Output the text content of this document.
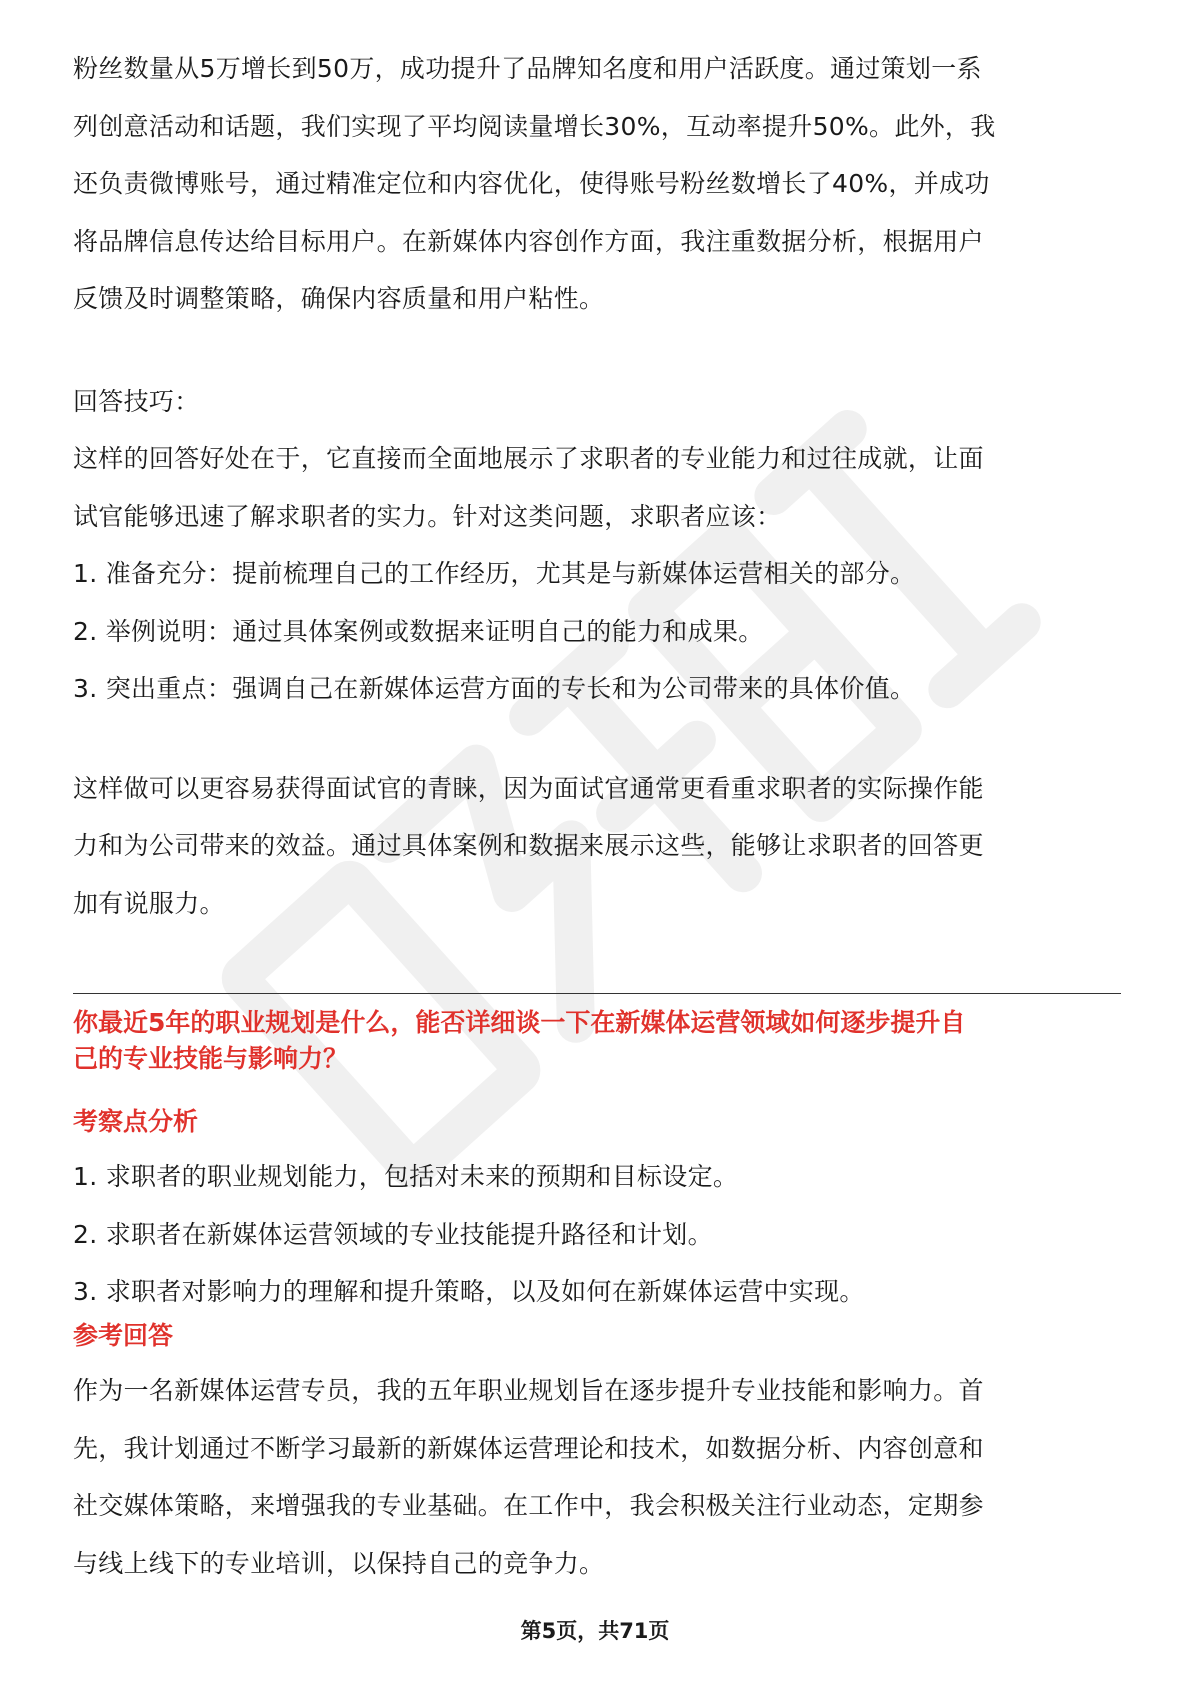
粉丝数量从5万增长到50万，成功提升了品牌知名度和用户活跃度。通过策划一系

列创意活动和话题，我们实现了平均阅读量增长30%，互动率提升50%。此外，我

还负责微博账号，通过精准定位和内容优化，使得账号粉丝数增长了40%，并成功

将品牌信息传达给目标用户。在新媒体内容创作方面，我注重数据分析，根据用户

反馈及时调整策略，确保内容质量和用户粘性。

回答技巧：

这样的回答好处在于，它直接而全面地展示了求职者的专业能力和过往成就，让面

试官能够迅速了解求职者的实力。针对这类问题，求职者应该：

1. 准备充分：提前梳理自己的工作经历，尤其是与新媒体运营相关的部分。

2. 举例说明：通过具体案例或数据来证明自己的能力和成果。

3. 突出重点：强调自己在新媒体运营方面的专长和为公司带来的具体价值。

这样做可以更容易获得面试官的青睐，因为面试官通常更看重求职者的实际操作能

力和为公司带来的效益。通过具体案例和数据来展示这些，能够让求职者的回答更

加有说服力。

你最近5年的职业规划是什么，能否详细谈一下在新媒体运营领域如何逐步提升自
己的专业技能与影响力？

考察点分析

1. 求职者的职业规划能力，包括对未来的预期和目标设定。

2. 求职者在新媒体运营领域的专业技能提升路径和计划。

3. 求职者对影响力的理解和提升策略，以及如何在新媒体运营中实现。

参考回答

作为一名新媒体运营专员，我的五年职业规划旨在逐步提升专业技能和影响力。首

先，我计划通过不断学习最新的新媒体运营理论和技术，如数据分析、内容创意和

社交媒体策略，来增强我的专业基础。在工作中，我会积极关注行业动态，定期参

与线上线下的专业培训，以保持自己的竞争力。

第5页，共71页
